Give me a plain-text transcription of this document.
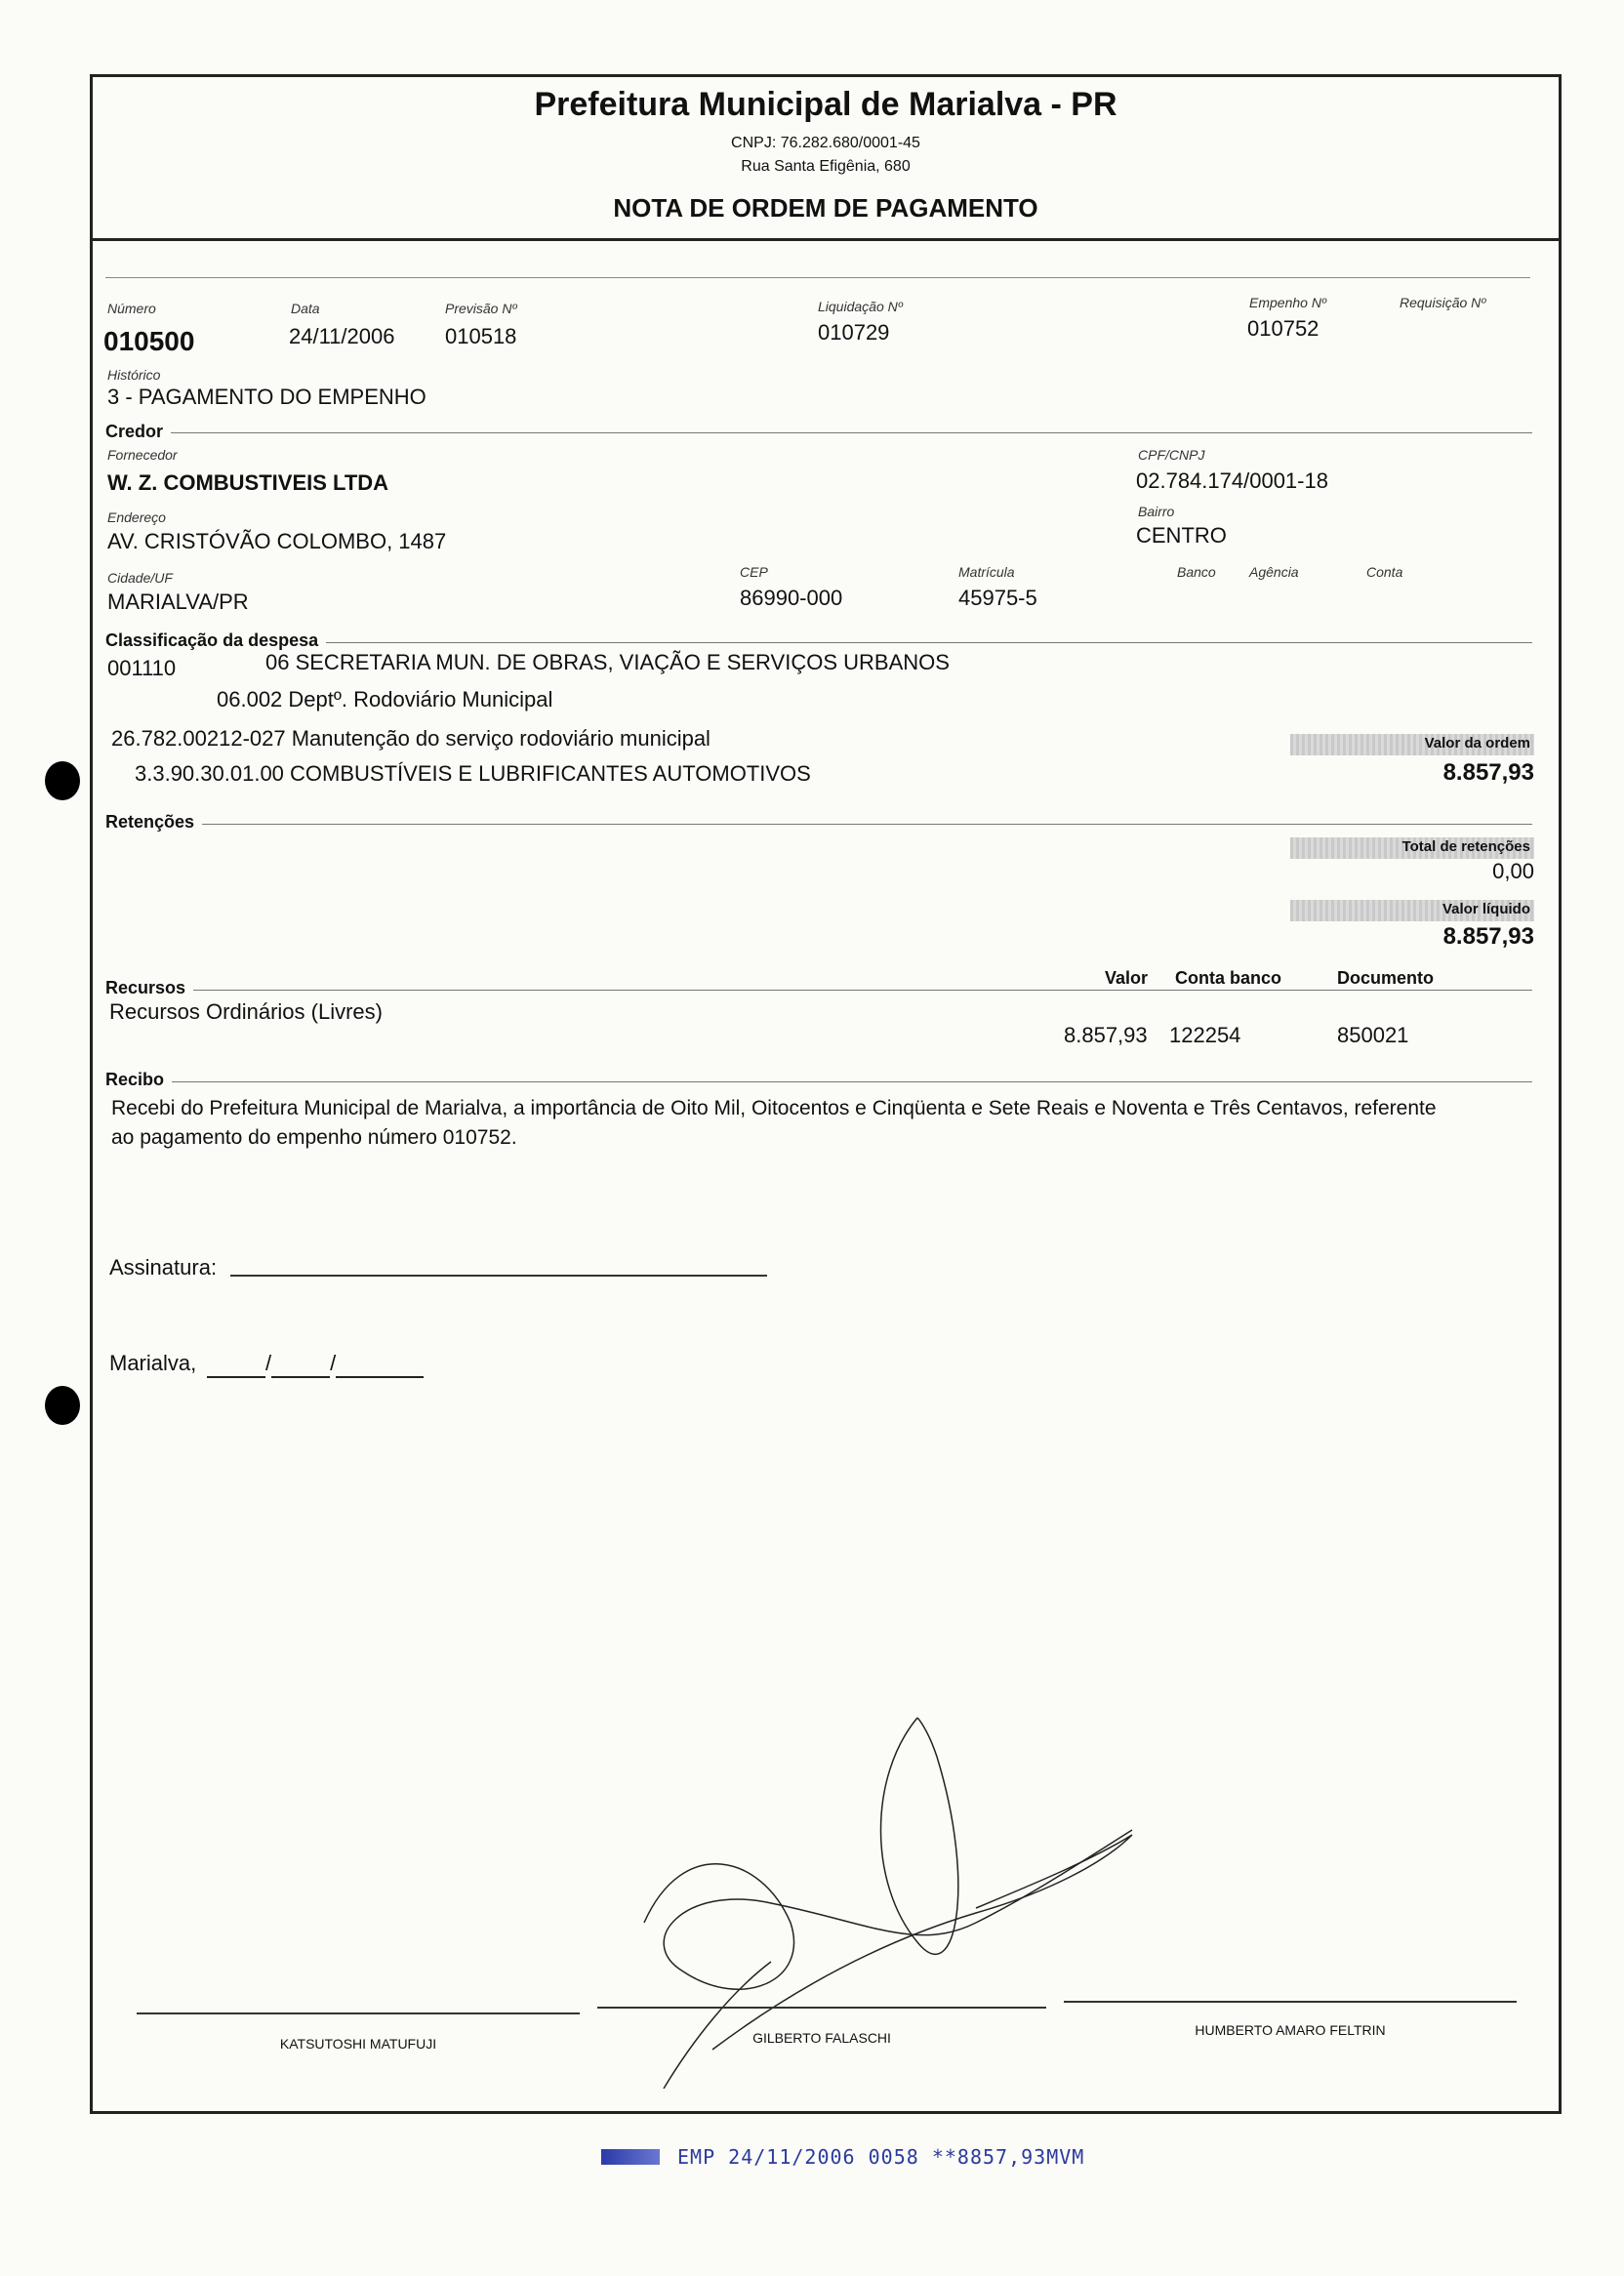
Prefeitura Municipal de Marialva - PR
CNPJ: 76.282.680/0001-45
Rua Santa Efigênia, 680
NOTA DE ORDEM DE PAGAMENTO
Número
010500
Data
24/11/2006
Previsão Nº
010518
Liquidação Nº
010729
Empenho Nº
010752
Requisição Nº
Histórico
3 - PAGAMENTO DO EMPENHO
Credor
Fornecedor
W. Z. COMBUSTIVEIS LTDA
CPF/CNPJ
02.784.174/0001-18
Endereço
AV. CRISTÓVÃO COLOMBO, 1487
Bairro
CENTRO
Cidade/UF
MARIALVA/PR
CEP
86990-000
Matrícula
45975-5
Banco Agência	Conta
Classificação da despesa
001110	06 SECRETARIA MUN. DE OBRAS, VIAÇÃO E SERVIÇOS URBANOS
06.002 Deptº. Rodoviário Municipal
26.782.00212-027 Manutenção do serviço rodoviário municipal
3.3.90.30.01.00 COMBUSTÍVEIS E LUBRIFICANTES AUTOMOTIVOS
Valor da ordem
8.857,93
Retenções
Total de retenções
0,00
Valor líquido
8.857,93
Recursos	Valor	Conta banco	Documento
Recursos Ordinários (Livres)
8.857,93 122254	850021
Recibo
Recebi do Prefeitura Municipal de Marialva, a importância de Oito Mil, Oitocentos e Cinqüenta e Sete Reais e Noventa e Três Centavos, referente
ao pagamento do empenho número 010752.
Assinatura:
Marialva,	/	/
KATSUTOSHI MATUFUJI	GILBERTO FALASCHI	HUMBERTO AMARO FELTRIN
EMP 24/11/2006 0058 **8857,93MVM
